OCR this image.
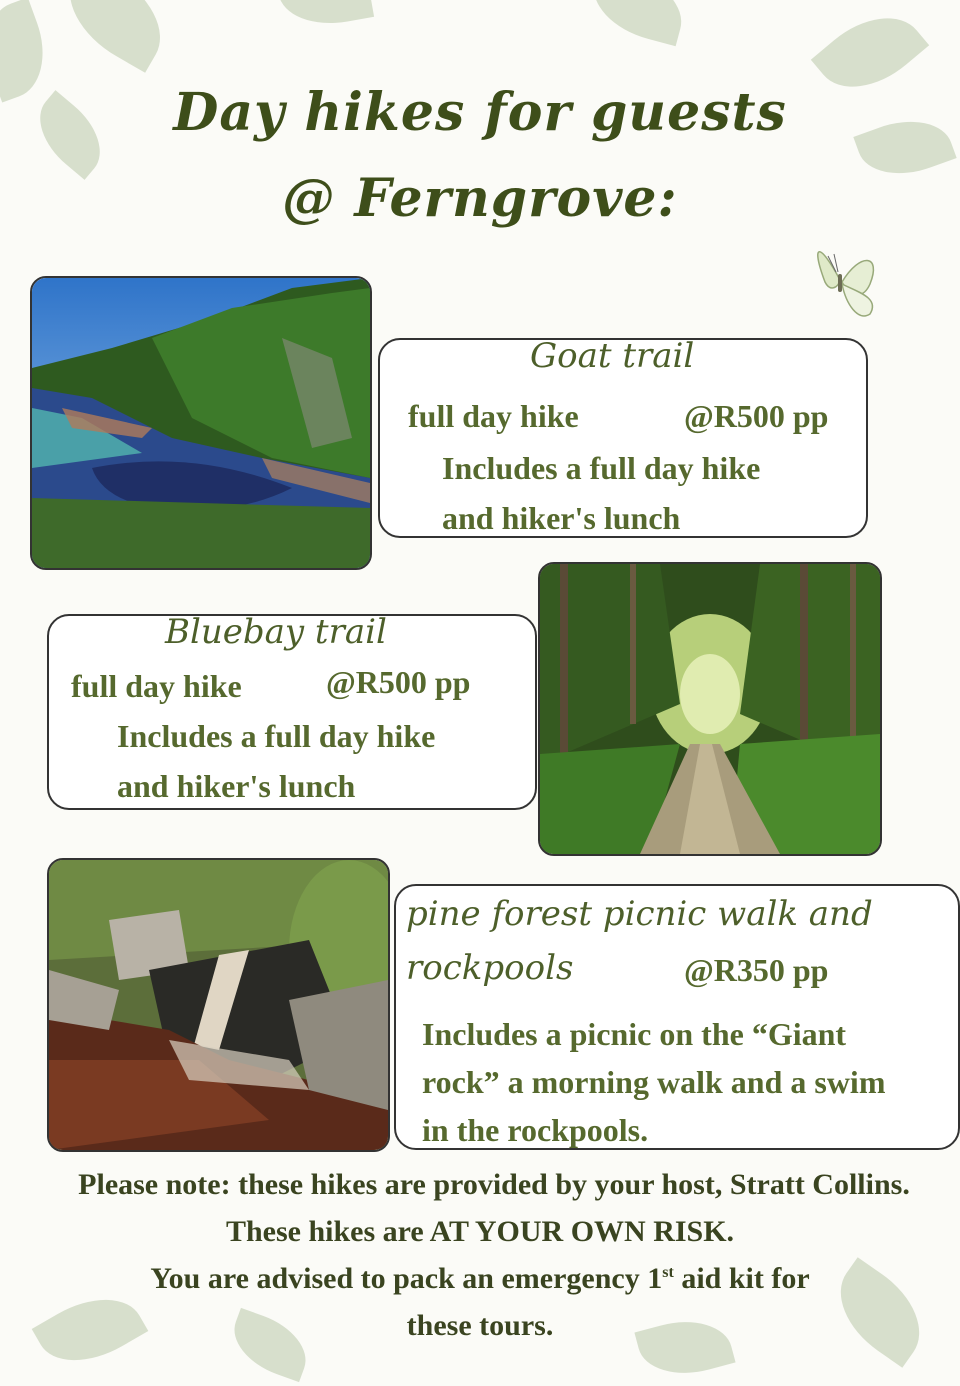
Day hikes for guests
@ Ferngrove:
Goat trail
full day hike	@R500 pp
Includes a full day hike
and hiker's lunch
Bluebay trail
full day hike	@R500 pp
Includes a full day hike
and hiker's lunch
pine forest picnic walk and
rockpools	@R350 pp
Includes a picnic on the “Giant
rock” a morning walk and a swim
in the rockpools.
Please note: these hikes are provided by your host, Stratt Collins.
These hikes are AT YOUR OWN RISK.
You are advised to pack an emergency 1st aid kit for
these tours.
